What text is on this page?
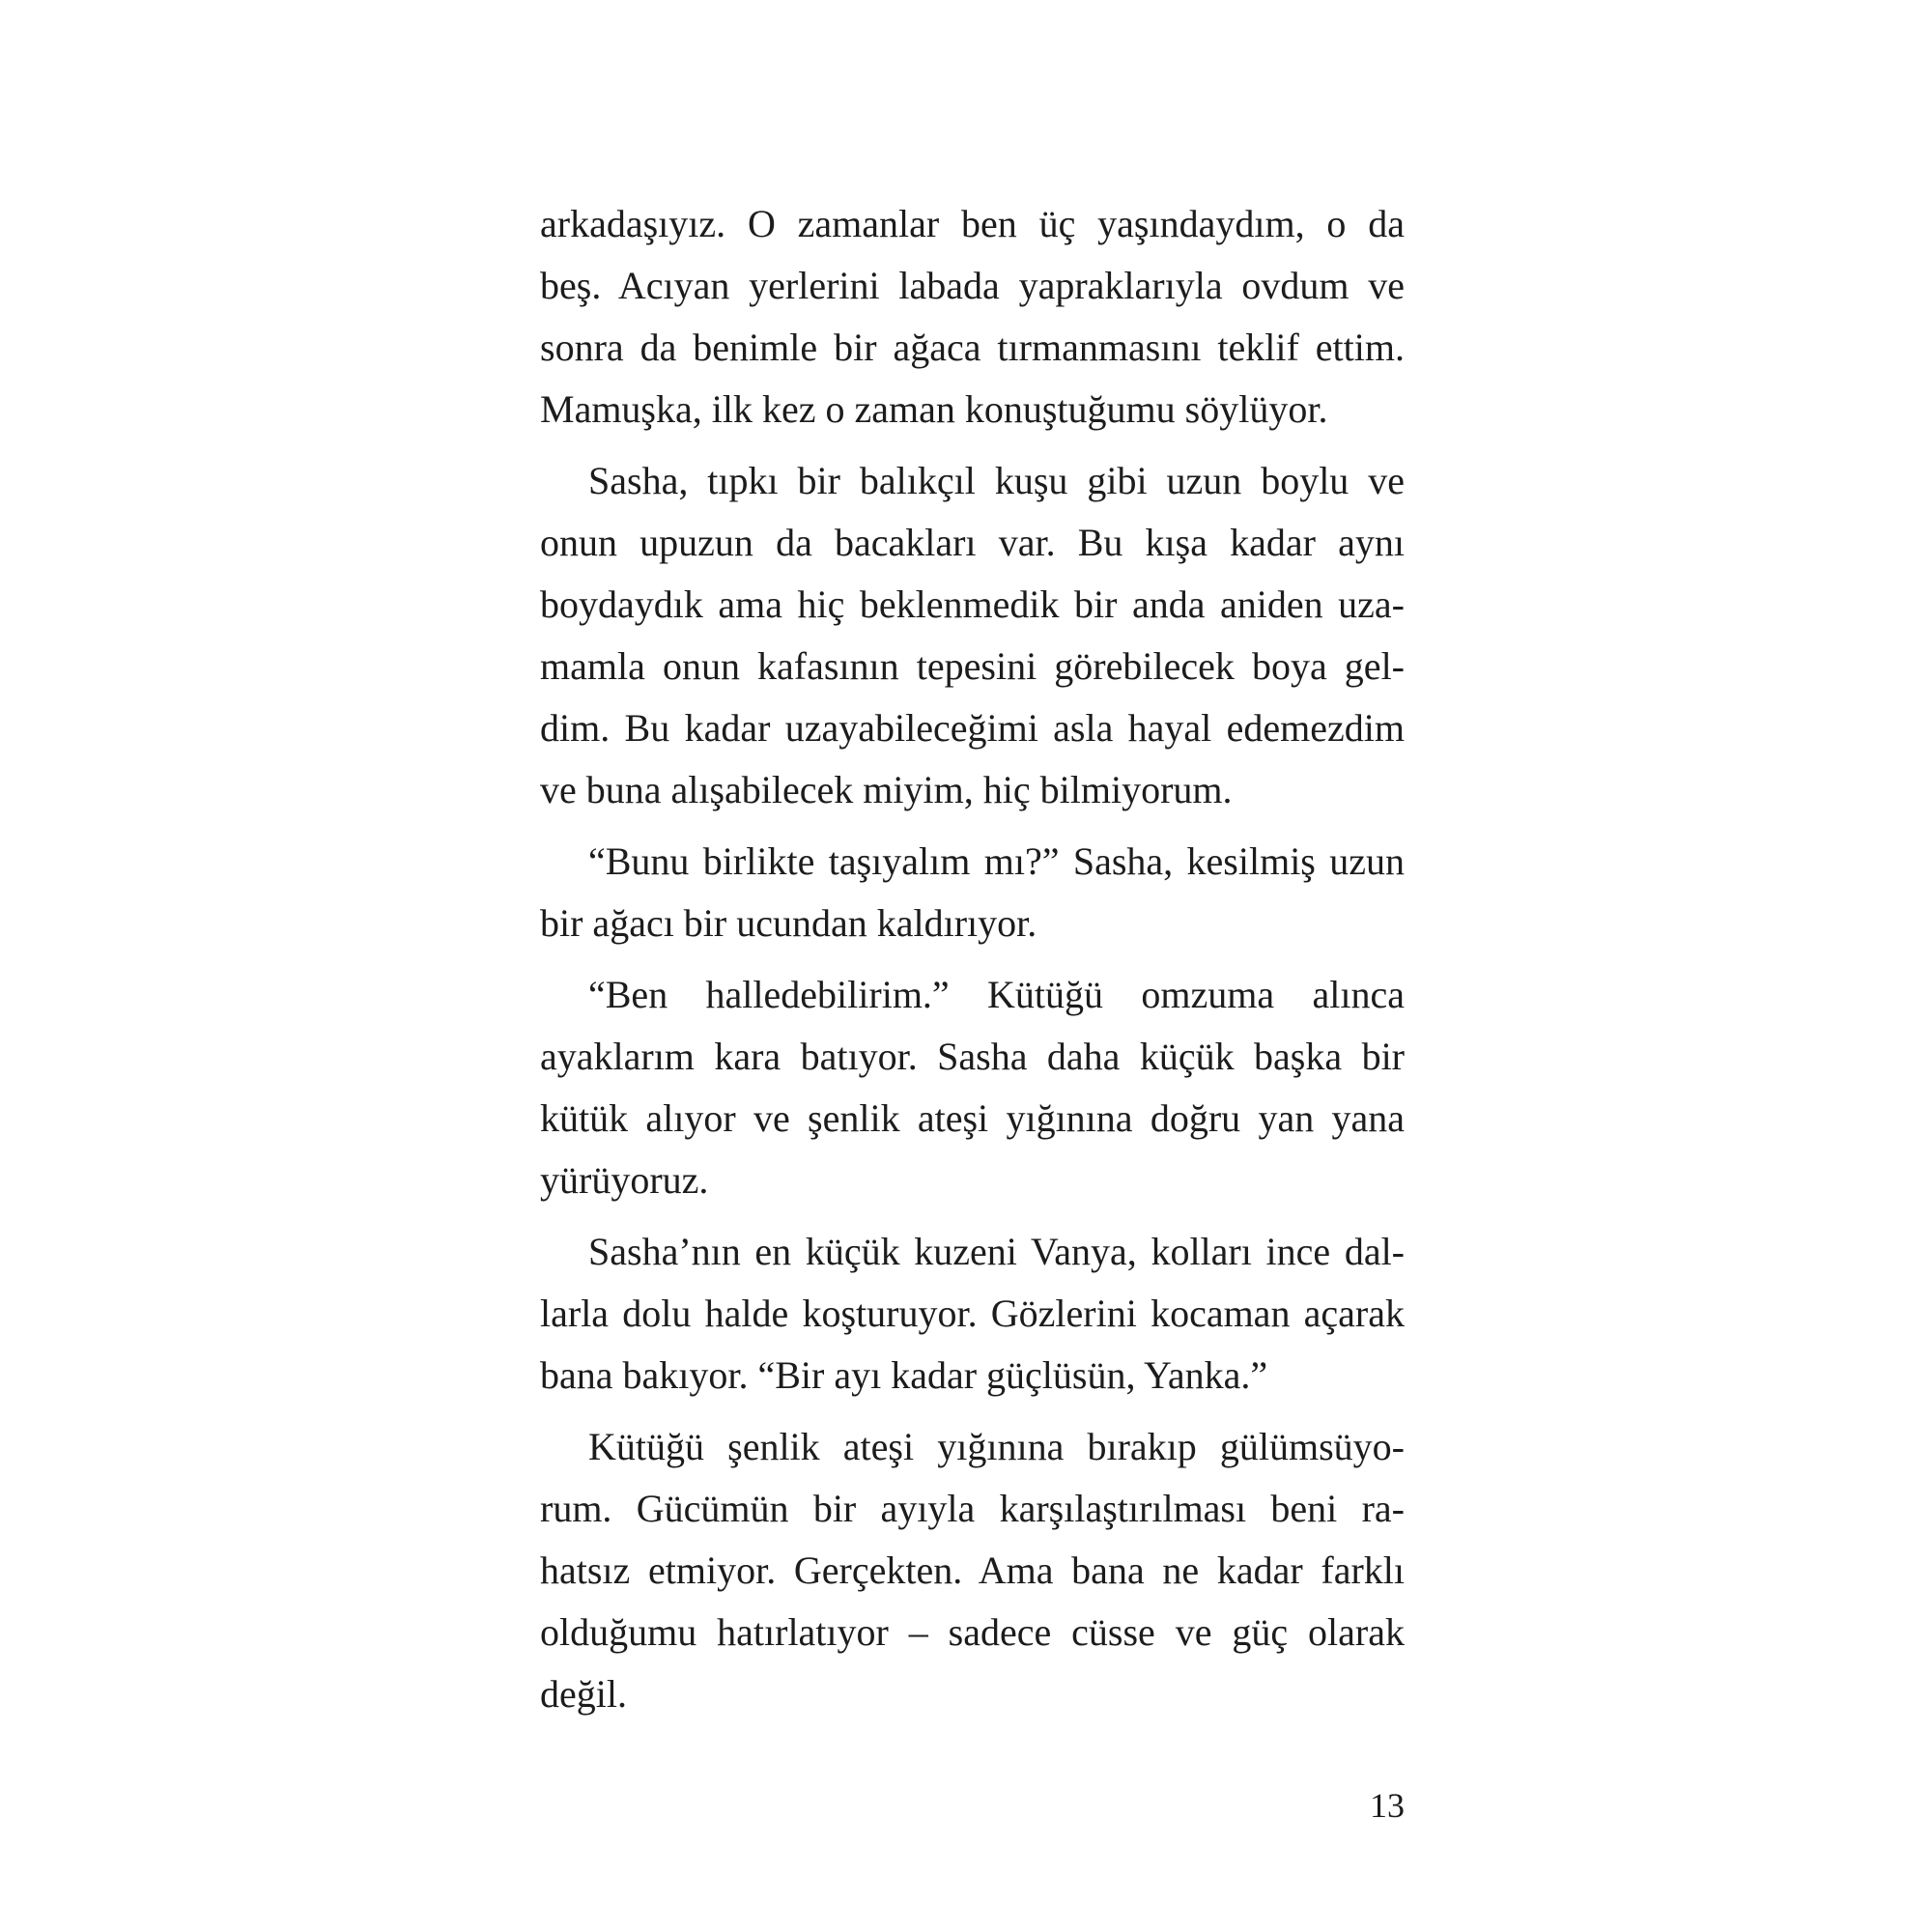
arkadaşıyız. O zamanlar ben üç yaşındaydım, o da
beş. Acıyan yerlerini labada yapraklarıyla ovdum ve
sonra da benimle bir ağaca tırmanmasını teklif ettim.
Mamuşka, ilk kez o zaman konuştuğumu söylüyor.
Sasha, tıpkı bir balıkçıl kuşu gibi uzun boylu ve
onun upuzun da bacakları var. Bu kışa kadar aynı
boydaydık ama hiç beklenmedik bir anda aniden uza-
mamla onun kafasının tepesini görebilecek boya gel-
dim. Bu kadar uzayabileceğimi asla hayal edemezdim
ve buna alışabilecek miyim, hiç bilmiyorum.
“Bunu birlikte taşıyalım mı?” Sasha, kesilmiş uzun
bir ağacı bir ucundan kaldırıyor.
“Ben halledebilirim.” Kütüğü omzuma alınca
ayaklarım kara batıyor. Sasha daha küçük başka bir
kütük alıyor ve şenlik ateşi yığınına doğru yan yana
yürüyoruz.
Sasha’nın en küçük kuzeni Vanya, kolları ince dal-
larla dolu halde koşturuyor. Gözlerini kocaman açarak
bana bakıyor. “Bir ayı kadar güçlüsün, Yanka.”
Kütüğü şenlik ateşi yığınına bırakıp gülümsüyo-
rum. Gücümün bir ayıyla karşılaştırılması beni ra-
hatsız etmiyor. Gerçekten. Ama bana ne kadar farklı
olduğumu hatırlatıyor – sadece cüsse ve güç olarak
değil.
13
